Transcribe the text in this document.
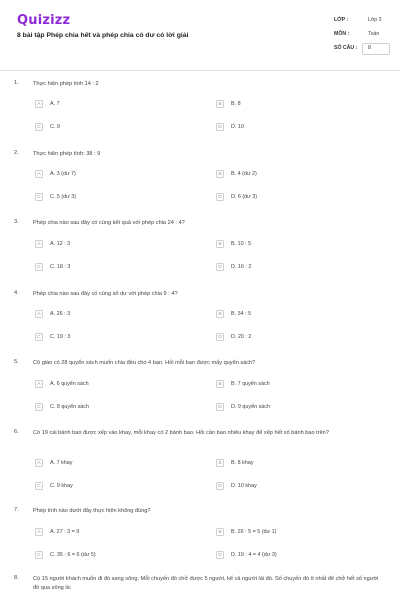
Quizizz
8 bài tập Phép chia hết và phép chia có dư có lời giải
LỚP :	Lớp 3
MÔN :	Toán
SỐ CÂU : 8
1.	Thực hiện phép tính 14 : 2
A	A. 7	B	B. 8
C	C. 9	D	D. 10
2.	Thực hiện phép tính: 38 : 9
A	A. 3 (dư 7)	B	B. 4 (dư 2)
C	C. 5 (dư 3)	D	D. 6 (dư 3)
3.	Phép chia nào sau đây có cùng kết quả với phép chia 24 : 4?
A	A. 12 : 3	B	B. 10 : 5
C	C. 18 : 3	D	D. 16 : 2
4.	Phép chia nào sau đây có cùng số dư với phép chia 9 : 4?
A	A. 26 : 3	B	B. 34 : 5
C	C. 19 : 3	D	D. 20 : 2
5.	Cô giáo có 28 quyển sách muốn chia đều cho 4 bạn. Hỏi mỗi bạn được mấy quyển sách?
A	A. 6 quyển sách	B	B. 7 quyển sách
C	C. 8 quyển sách	D	D. 9 quyển sách
6.	Có 19 cái bánh bao được xếp vào khay, mỗi khay có 2 bánh bao. Hỏi cần bao nhiêu khay để xếp hết số bánh bao trên?
A	A. 7 khay	B	B. 8 khay
C	C. 9 khay	D	D. 10 khay
7.	Phép tính nào dưới đây thực hiện không đúng?
A	A. 27 : 3 = 9	B	B. 26 : 5 = 5 (dư 1)
C	C. 35 : 6 = 6 (dư 5)	D	D. 19 : 4 = 4 (dư 3)
8.	Có 15 người khách muốn đi đò sang sông. Mỗi chuyến đò chở được 5 người, kể cả người lái đò. Số chuyến đò ít nhất để chở hết số người đó qua sông là:
